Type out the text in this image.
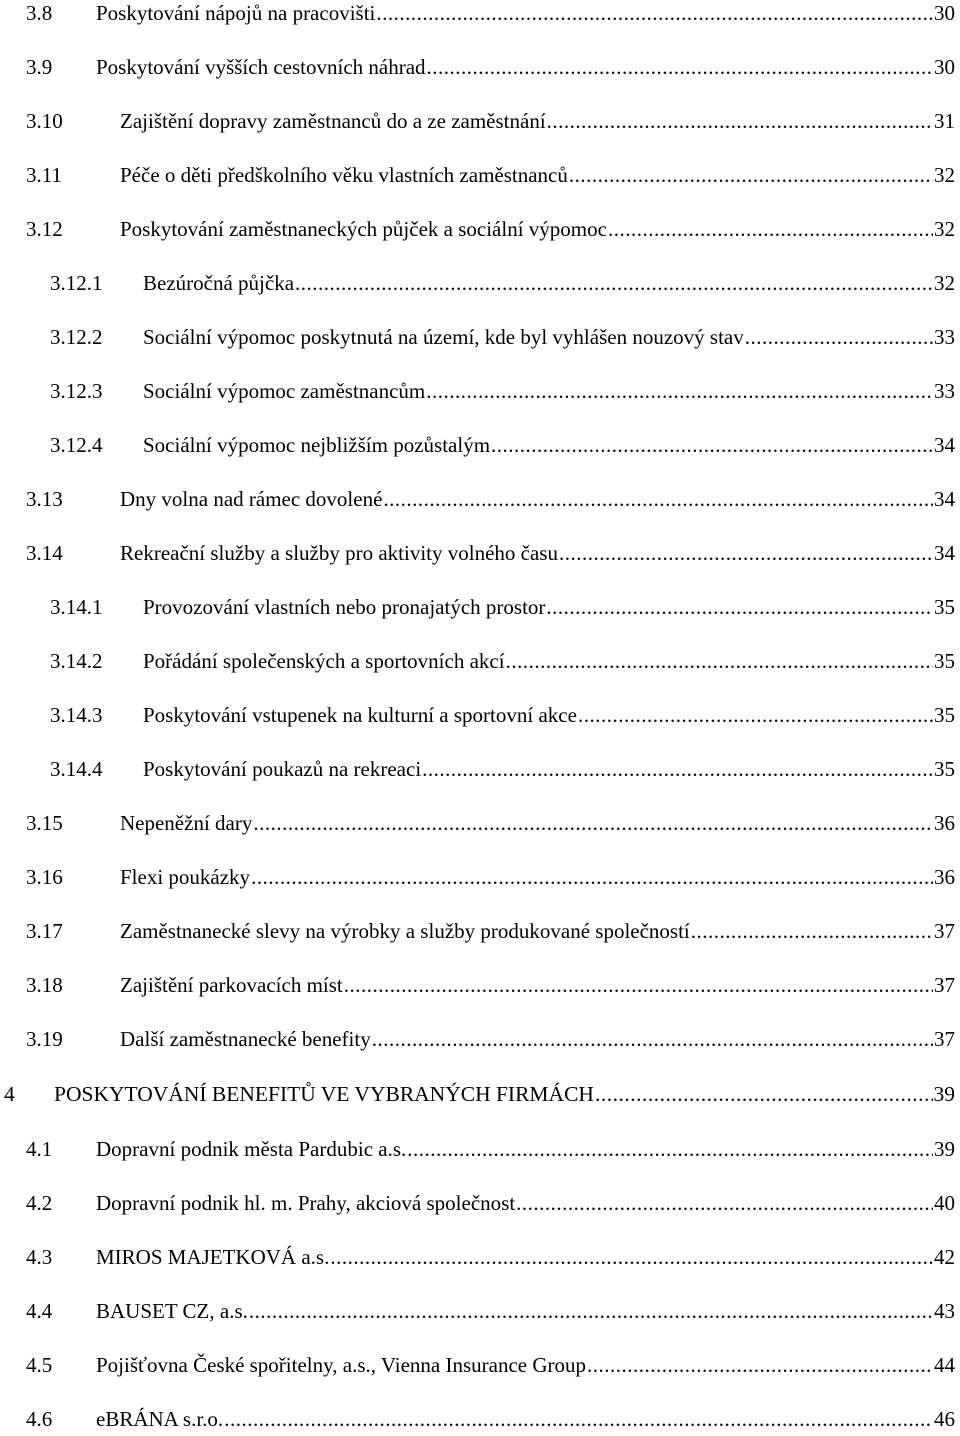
3.8 Poskytování nápojů na pracovišti .....	30
3.9 Poskytování vyšších cestovních náhrad .....	30
3.10	Zajištění dopravy zaměstnanců do a ze zaměstnání .....	31
3.11	Péče o děti předškolního věku vlastních zaměstnanců .....	32
3.12	Poskytování zaměstnaneckých půjček a sociální výpomoc .....	32
3.12.1 Bezúročná půjčka .....	32
3.12.2 Sociální výpomoc poskytnutá na území, kde byl vyhlášen nouzový stav .....	33
3.12.3 Sociální výpomoc zaměstnancům .....	33
3.12.4 Sociální výpomoc nejbližším pozůstalým .....	34
3.13	Dny volna nad rámec dovolené .....	34
3.14	Rekreační služby a služby pro aktivity volného času .....	34
3.14.1 Provozování vlastních nebo pronajatých prostor .....	35
3.14.2 Pořádání společenských a sportovních akcí .....	35
3.14.3 Poskytování vstupenek na kulturní a sportovní akce .....	35
3.14.4 Poskytování poukazů na rekreaci .....	35
3.15	Nepeněžní dary .....	36
3.16	Flexi poukázky .....	36
3.17	Zaměstnanecké slevy na výrobky a služby produkované společností .....	37
3.18	Zajištění parkovacích míst .....	37
3.19	Další zaměstnanecké benefity .....	37
4 POSKYTOVÁNÍ BENEFITŮ VE VYBRANÝCH FIRMÁCH .....	39
4.1 Dopravní podnik města Pardubic a.s. .....	39
4.2 Dopravní podnik hl. m. Prahy, akciová společnost .....	40
4.3 MIROS MAJETKOVÁ a.s. .....	42
4.4 BAUSET CZ, a.s. .....	43
4.5 Pojišťovna České spořitelny, a.s., Vienna Insurance Group .....	44
4.6 eBRÁNA s.r.o. .....	46
